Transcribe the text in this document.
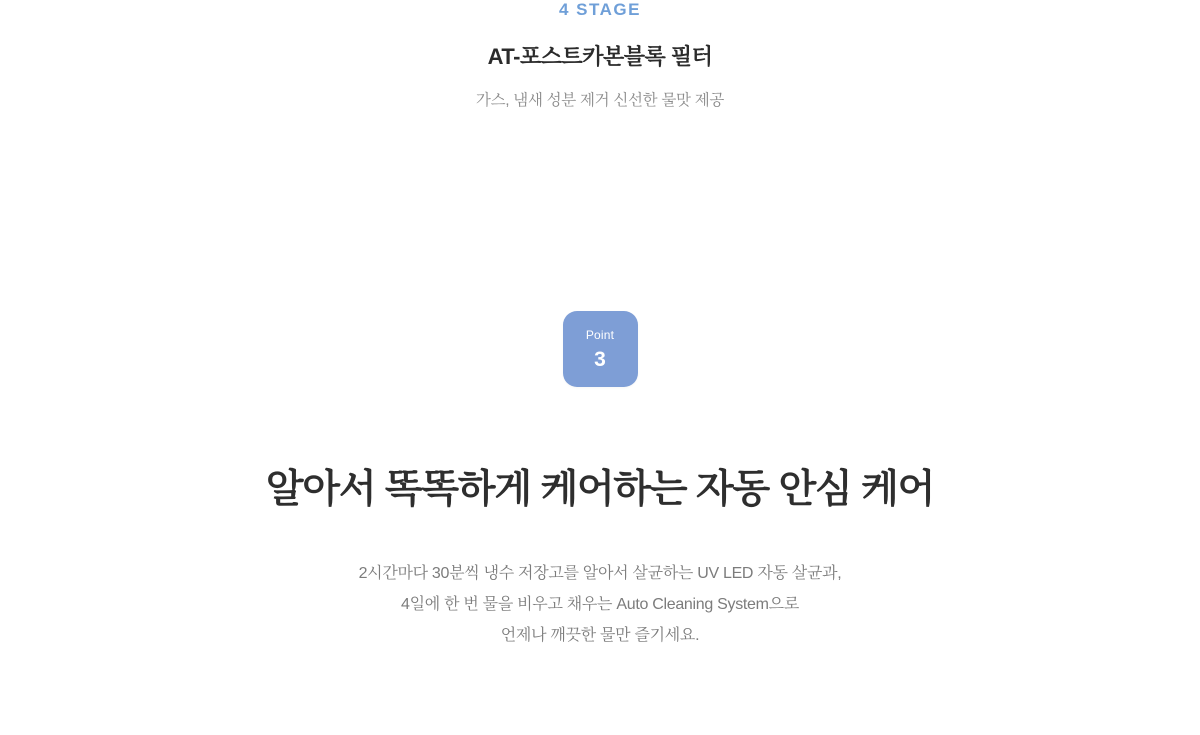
4 STAGE
AT-포스트카본블록 필터
가스, 냄새 성분 제거 신선한 물맛 제공
Point
3
알아서 똑똑하게 케어하는 자동 안심 케어
2시간마다 30분씩 냉수 저장고를 알아서 살균하는 UV LED 자동 살균과,
4일에 한 번 물을 비우고 채우는 Auto Cleaning System으로
언제나 깨끗한 물만 즐기세요.
